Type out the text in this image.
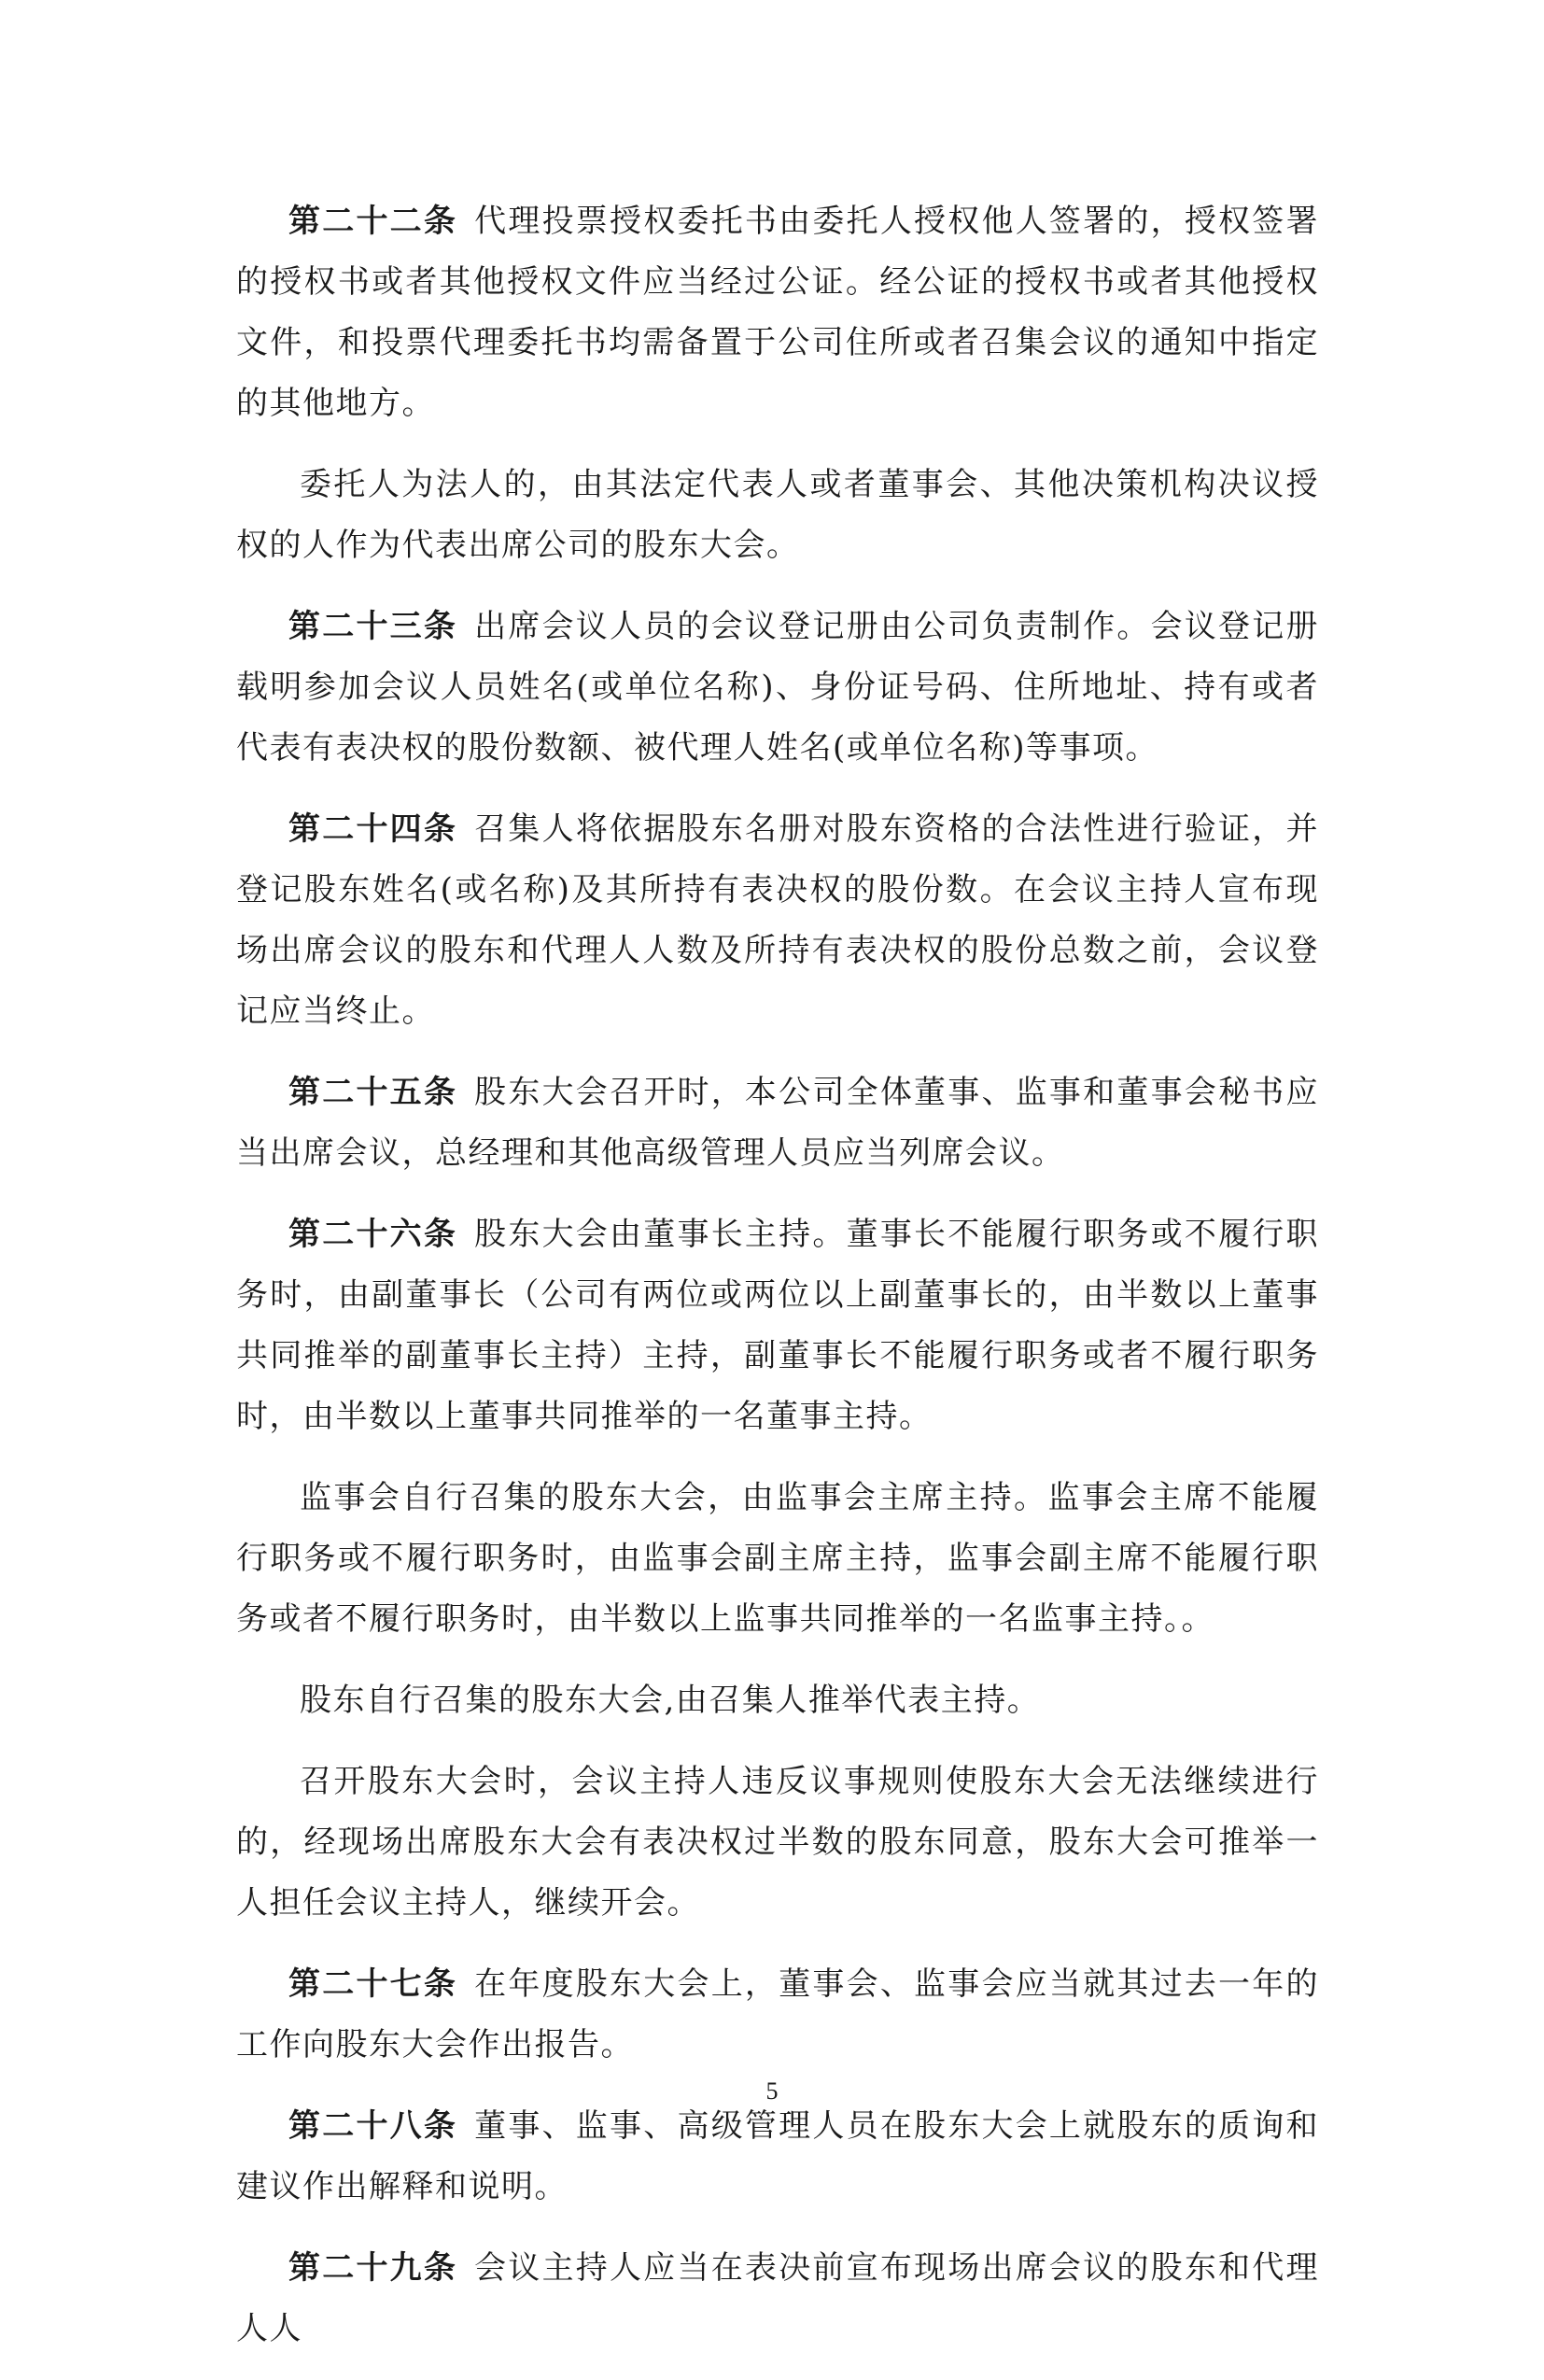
第二十二条 代理投票授权委托书由委托人授权他人签署的，授权签署的授权书或者其他授权文件应当经过公证。经公证的授权书或者其他授权文件，和投票代理委托书均需备置于公司住所或者召集会议的通知中指定的其他地方。

委托人为法人的，由其法定代表人或者董事会、其他决策机构决议授权的人作为代表出席公司的股东大会。

第二十三条 出席会议人员的会议登记册由公司负责制作。会议登记册载明参加会议人员姓名(或单位名称)、身份证号码、住所地址、持有或者代表有表决权的股份数额、被代理人姓名(或单位名称)等事项。

第二十四条 召集人将依据股东名册对股东资格的合法性进行验证，并登记股东姓名(或名称)及其所持有表决权的股份数。在会议主持人宣布现场出席会议的股东和代理人人数及所持有表决权的股份总数之前，会议登记应当终止。

第二十五条 股东大会召开时，本公司全体董事、监事和董事会秘书应当出席会议，总经理和其他高级管理人员应当列席会议。

第二十六条 股东大会由董事长主持。董事长不能履行职务或不履行职务时，由副董事长（公司有两位或两位以上副董事长的，由半数以上董事共同推举的副董事长主持）主持，副董事长不能履行职务或者不履行职务时，由半数以上董事共同推举的一名董事主持。

监事会自行召集的股东大会，由监事会主席主持。监事会主席不能履行职务或不履行职务时，由监事会副主席主持，监事会副主席不能履行职务或者不履行职务时，由半数以上监事共同推举的一名监事主持。。

股东自行召集的股东大会,由召集人推举代表主持。

召开股东大会时，会议主持人违反议事规则使股东大会无法继续进行的，经现场出席股东大会有表决权过半数的股东同意，股东大会可推举一人担任会议主持人，继续开会。

第二十七条 在年度股东大会上，董事会、监事会应当就其过去一年的工作向股东大会作出报告。

第二十八条 董事、监事、高级管理人员在股东大会上就股东的质询和建议作出解释和说明。

第二十九条 会议主持人应当在表决前宣布现场出席会议的股东和代理人人

5
